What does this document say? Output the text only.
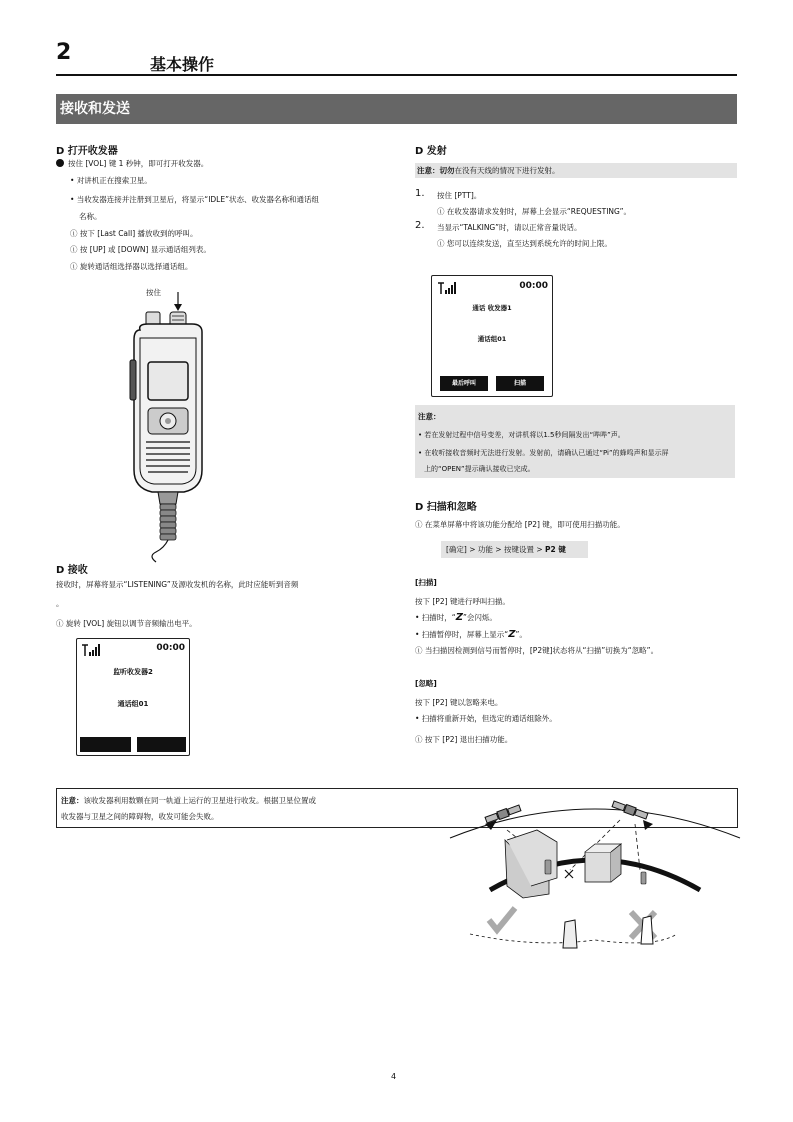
2	基本操作
接收和发送
D 打开收发器
按住 [VOL] 键 1 秒钟，即可打开收发器。
• 对讲机正在搜索卫星。
• 当收发器连接并注册到卫星后，将显示“IDLE”状态、收发器名称和通话组
名称。
ⓘ 按下 [Last Call] 播放收到的呼叫。
ⓘ 按 [UP] 或 [DOWN] 显示通话组列表。
ⓘ 旋转通话组选择器以选择通话组。
按住
D 接收
接收时，屏幕将显示“LISTENING”及源收发机的名称，此时应能听到音频
。
ⓘ 旋转 [VOL] 旋钮以调节音频输出电平。
00:00
监听收发器2
通话组01
D 发射
注意：切勿在没有天线的情况下进行发射。
1. 按住 [PTT]。
ⓘ 在收发器请求发射时，屏幕上会显示“REQUESTING”。
2. 当显示“TALKING”时，请以正常音量说话。
ⓘ 您可以连续发送，直至达到系统允许的时间上限。
00:00
通话 收发器1
通话组01
最后呼叫	扫描
注意：
• 若在发射过程中信号变差，对讲机将以1.5秒间隔发出“哔哔”声。
• 在收听接收音频时无法进行发射。发射前，请确认已通过“Pi”的蜂鸣声和显示屏
上的“OPEN”提示确认接收已完成。
D 扫描和忽略
ⓘ 在菜单屏幕中将该功能分配给 [P2] 键，即可使用扫描功能。
[确定] > 功能 > 按键设置 > P2 键
[扫描]
按下 [P2] 键进行呼叫扫描。
• 扫描时，“Z”会闪烁。
• 扫描暂停时，屏幕上显示“Z”。
ⓘ 当扫描因检测到信号而暂停时，[P2键]状态将从“扫描”切换为“忽略”。
[忽略]
按下 [P2] 键以忽略来电。
• 扫描将重新开始，但选定的通话组除外。
ⓘ 按下 [P2] 退出扫描功能。
注意：该收发器利用数颗在同一轨道上运行的卫星进行收发。根据卫星位置或
收发器与卫星之间的障碍物，收发可能会失败。
4
